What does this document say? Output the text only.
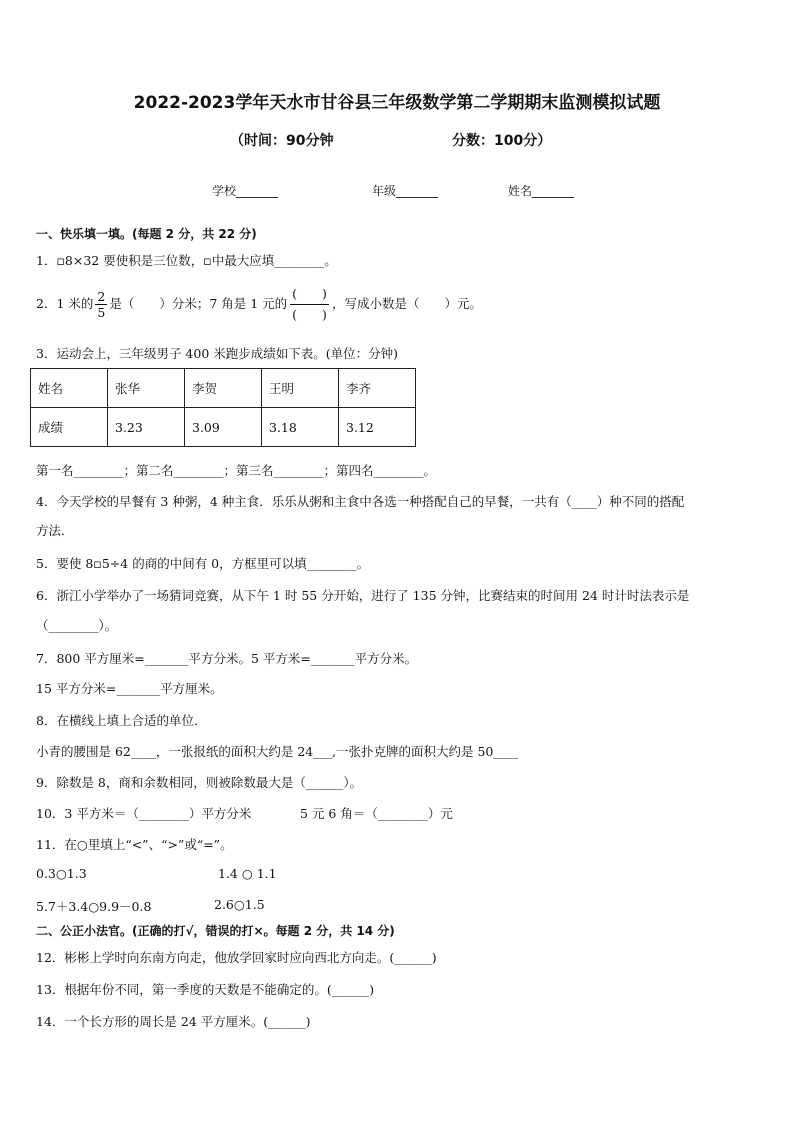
2022-2023学年天水市甘谷县三年级数学第二学期期末监测模拟试题
（时间：90分钟	分数：100分）
学校_______	年级_______	姓名_______
一、快乐填一填。(每题 2 分，共 22 分)
1．▫8×32 要使积是三位数，▫中最大应填________。
2．1 米的 $\frac{2}{5}$ 是（　　）分米；7 角是 1 元的 $\frac{( )}{( )}$ ，写成小数是（　　）元。
3．运动会上，三年级男子 400 米跑步成绩如下表。(单位：分钟)
姓名	张华	李贺	王明	李齐
成绩	3.23	3.09	3.18	3.12
第一名________；第二名________；第三名________；第四名________。
4．今天学校的早餐有 3 种粥，4 种主食．乐乐从粥和主食中各选一种搭配自己的早餐，一共有（____）种不同的搭配
方法．
5．要使 8▫5÷4 的商的中间有 0，方框里可以填________。
6．浙江小学举办了一场猜词竞赛，从下午 1 时 55 分开始，进行了 135 分钟，比赛结束的时间用 24 时计时法表示是
（________）。
7．800 平方厘米=_______平方分米。5 平方米=_______平方分米。
15 平方分米=_______平方厘米。
8．在横线上填上合适的单位．
小青的腰围是 62____，一张报纸的面积大约是 24___,一张扑克牌的面积大约是 50____
9．除数是 8，商和余数相同，则被除数最大是（______）。
10．3 平方米＝（________）平方分米	5 元 6 角＝（________）元
11．在○里填上“<”、“>”或“=”。
0.3○1.3	1.4 ○ 1.1
5.7＋3.4○9.9－0.8	2.6○1.5
二、公正小法官。(正确的打√，错误的打×。每题 2 分，共 14 分)
12．彬彬上学时向东南方向走，他放学回家时应向西北方向走。(______)
13．根据年份不同，第一季度的天数是不能确定的。(______)
14．一个长方形的周长是 24 平方厘米。(______)
